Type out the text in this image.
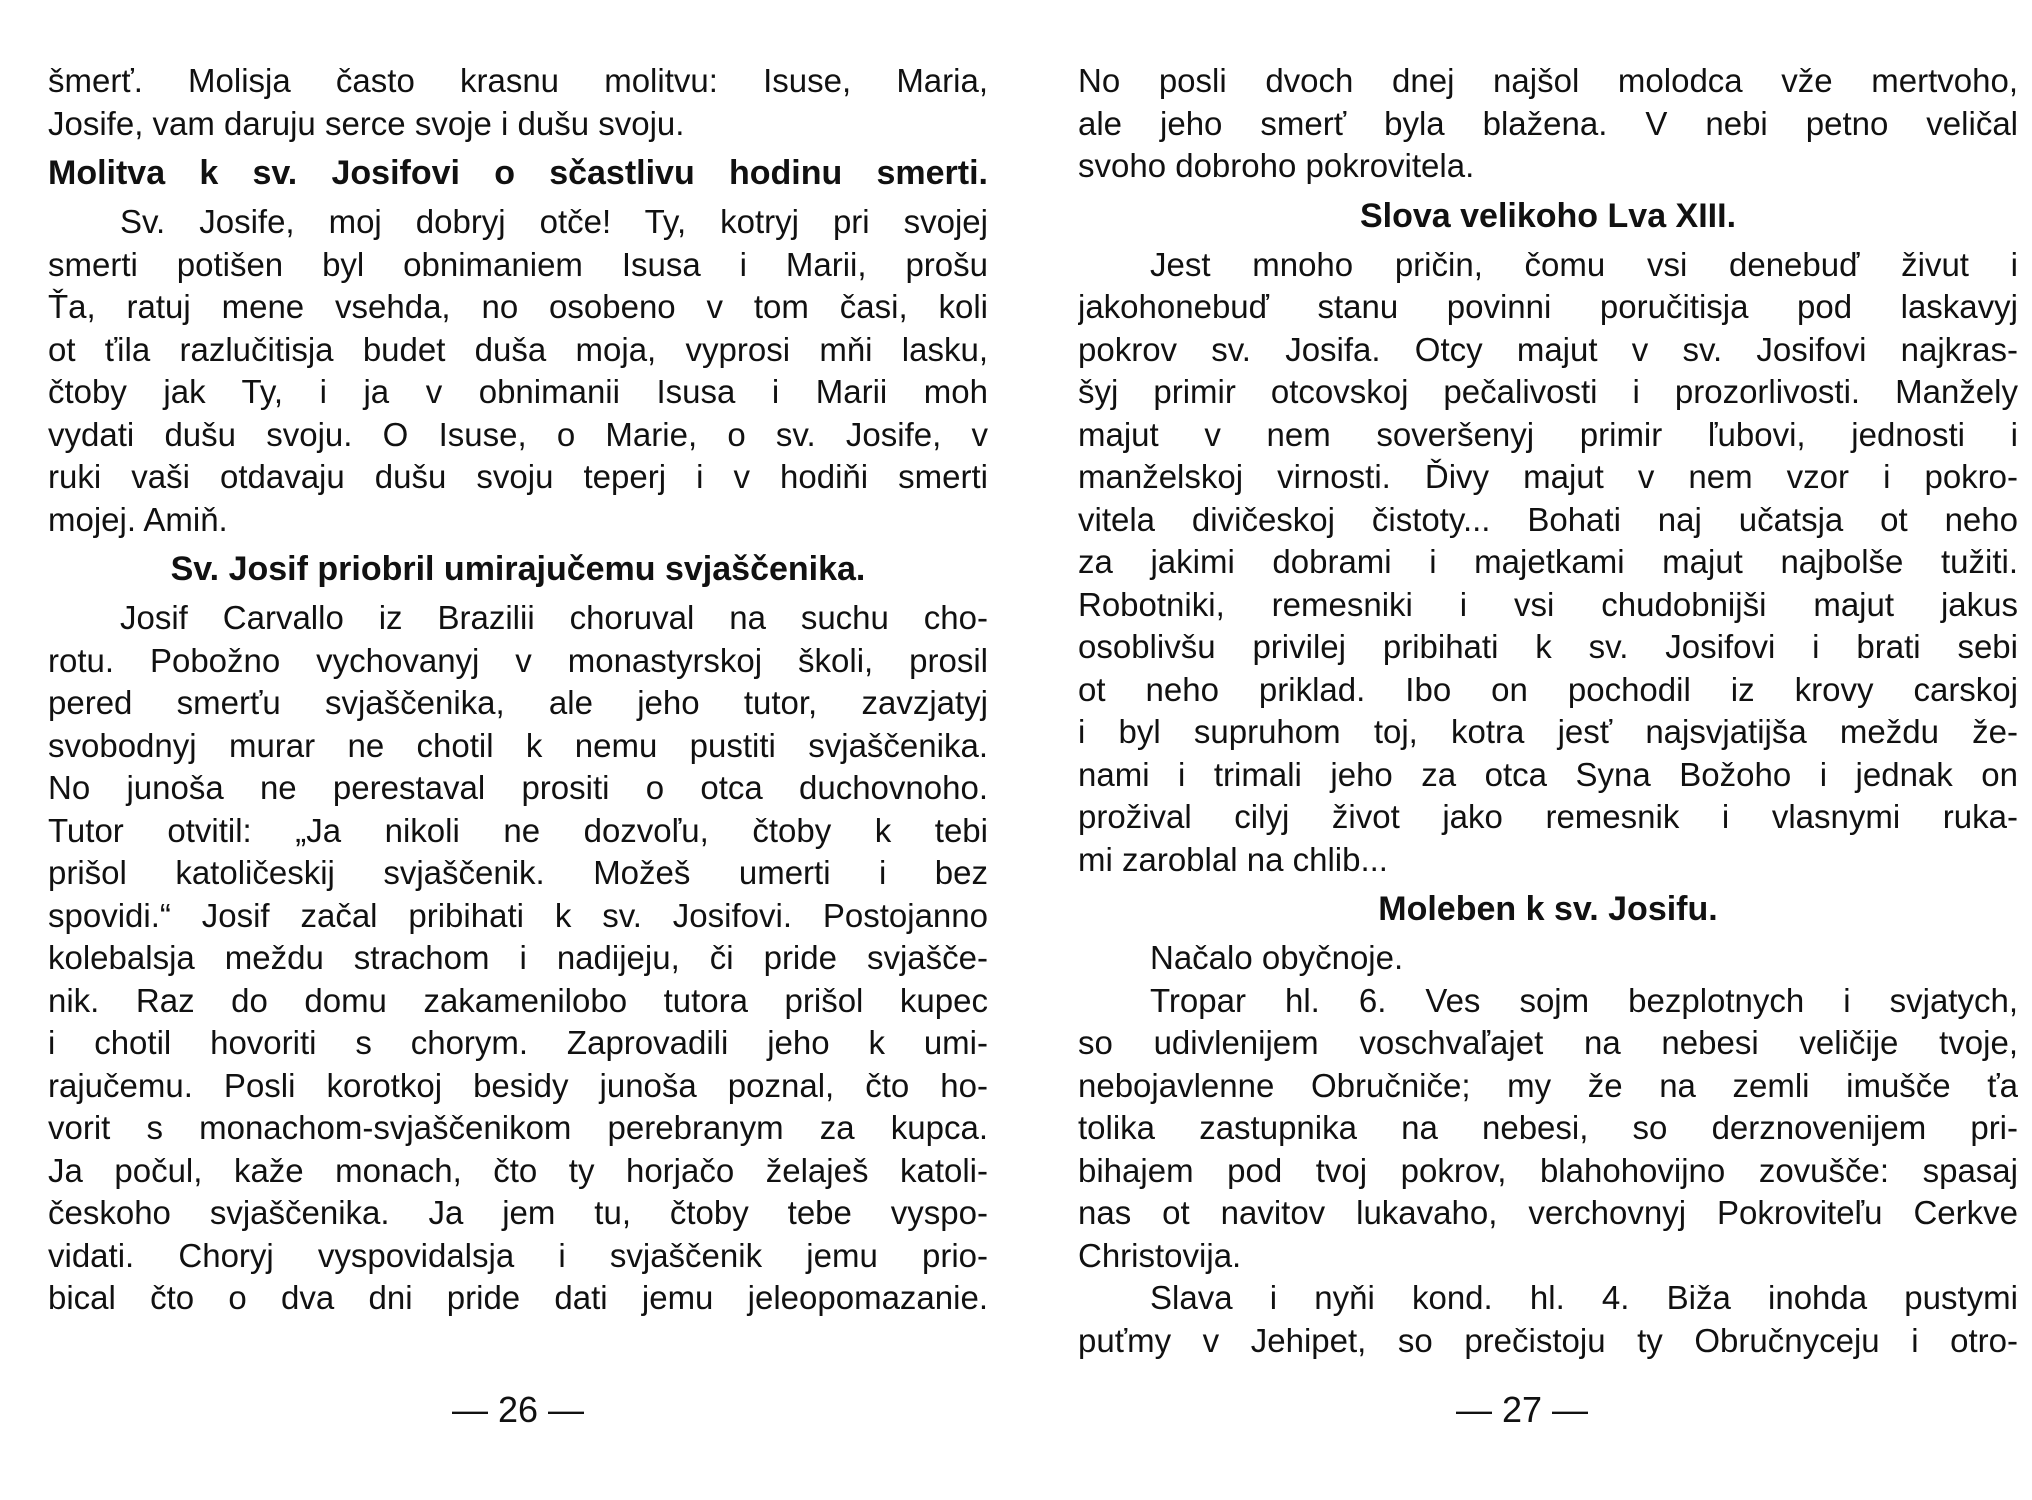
šmerť. Molisja často krasnu molitvu: Isuse, Maria,
Josife, vam daruju serce svoje i dušu svoju.
Molitva k sv. Josifovi o sčastlivu hodinu smerti.
Sv. Josife, moj dobryj otče! Ty, kotryj pri svojej
smerti potišen byl obnimaniem Isusa i Marii, prošu
Ťa, ratuj mene vsehda, no osobeno v tom časi, koli
ot ťila razlučitisja budet duša moja, vyprosi mňi lasku,
čtoby jak Ty, i ja v obnimanii Isusa i Marii moh
vydati dušu svoju. O Isuse, o Marie, o sv. Josife, v
ruki vaši otdavaju dušu svoju teperj i v hodiňi smerti
mojej. Amiň.
Sv. Josif priobril umirajučemu svjaščenika.
Josif Carvallo iz Brazilii choruval na suchu cho-
rotu. Pobožno vychovanyj v monastyrskoj školi, prosil
pered smerťu svjaščenika, ale jeho tutor, zavzjatyj
svobodnyj murar ne chotil k nemu pustiti svjaščenika.
No junoša ne perestaval prositi o otca duchovnoho.
Tutor otvitil: „Ja nikoli ne dozvoľu, čtoby k tebi
prišol katoličeskij svjaščenik. Možeš umerti i bez
spovidi.“ Josif začal pribihati k sv. Josifovi. Postojanno
kolebalsja meždu strachom i nadijeju, či pride svjašče-
nik. Raz do domu zakamenilobo tutora prišol kupec
i chotil hovoriti s chorym. Zaprovadili jeho k umi-
rajučemu. Posli korotkoj besidy junoša poznal, čto ho-
vorit s monachom-svjaščenikom perebranym za kupca.
Ja počul, kaže monach, čto ty horjačo želaješ katoli-
českoho svjaščenika. Ja jem tu, čtoby tebe vyspo-
vidati. Choryj vyspovidalsja i svjaščenik jemu prio-
bical čto o dva dni pride dati jemu jeleopomazanie.
— 26 —
No posli dvoch dnej najšol molodca vže mertvoho,
ale jeho smerť byla blažena. V nebi petno veličal
svoho dobroho pokrovitela.
Slova velikoho Lva XIII.
Jest mnoho pričin, čomu vsi denebuď živut i
jakohonebuď stanu povinni poručitisja pod laskavyj
pokrov sv. Josifa. Otcy majut v sv. Josifovi najkras-
šyj primir otcovskoj pečalivosti i prozorlivosti. Manžely
majut v nem soveršenyj primir ľubovi, jednosti i
manželskoj virnosti. Ďivy majut v nem vzor i pokro-
vitela divičeskoj čistoty... Bohati naj učatsja ot neho
za jakimi dobrami i majetkami majut najbolše tužiti.
Robotniki, remesniki i vsi chudobnijši majut jakus
osoblivšu privilej pribihati k sv. Josifovi i brati sebi
ot neho priklad. Ibo on pochodil iz krovy carskoj
i byl supruhom toj, kotra jesť najsvjatijša meždu že-
nami i trimali jeho za otca Syna Božoho i jednak on
prožival cilyj život jako remesnik i vlasnymi ruka-
mi zaroblal na chlib...
Moleben k sv. Josifu.
Načalo obyčnoje.
Tropar hl. 6. Ves sojm bezplotnych i svjatych,
so udivlenijem voschvaľajet na nebesi veličije tvoje,
nebojavlenne Obručniče; my že na zemli imušče ťa
tolika zastupnika na nebesi, so derznovenijem pri-
bihajem pod tvoj pokrov, blahohovijno zovušče: spasaj
nas ot navitov lukavaho, verchovnyj Pokroviteľu Cerkve
Christovija.
Slava i nyňi kond. hl. 4. Biža inohda pustymi
puťmy v Jehipet, so prečistoju ty Obručnyceju i otro-
— 27 —
